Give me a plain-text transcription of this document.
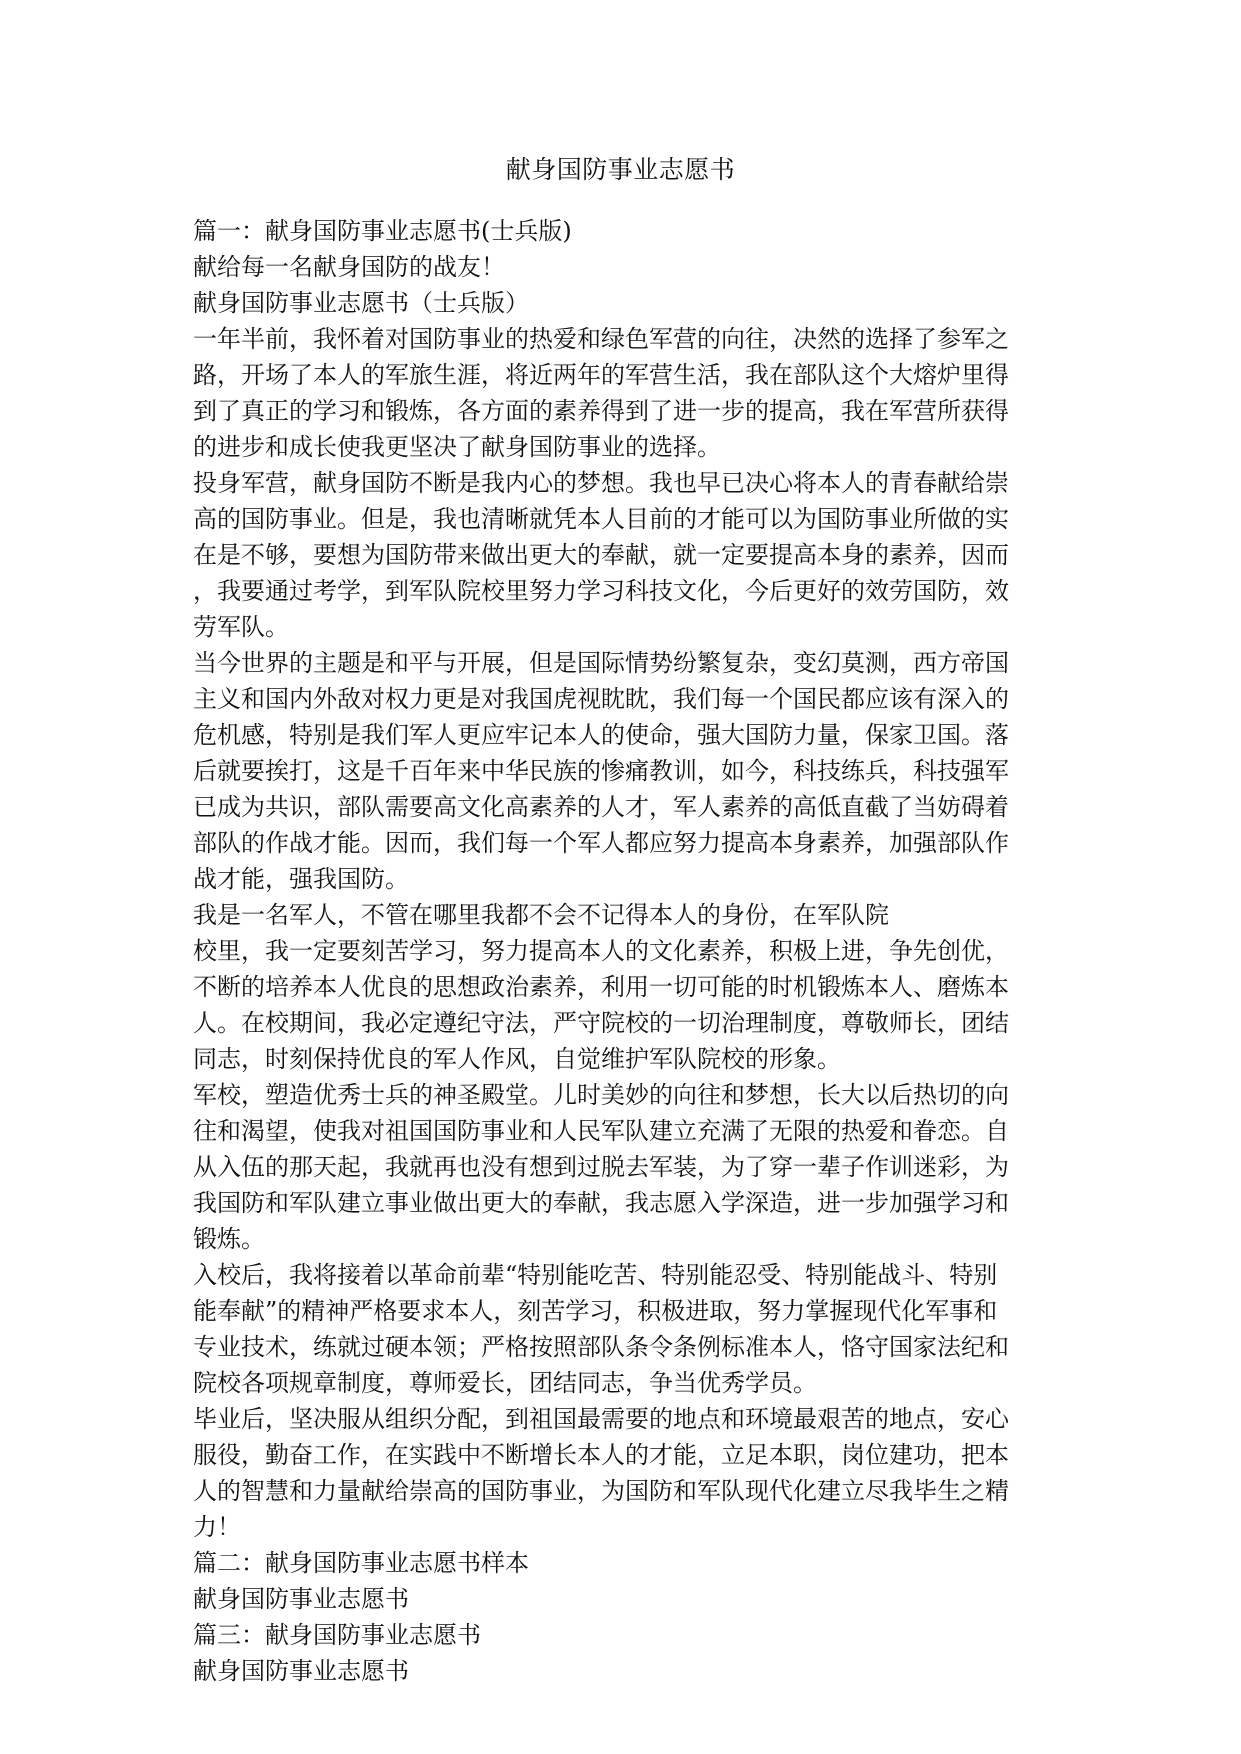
献身国防事业志愿书
篇一：献身国防事业志愿书(士兵版)
献给每一名献身国防的战友！
献身国防事业志愿书（士兵版）
一年半前，我怀着对国防事业的热爱和绿色军营的向往，决然的选择了参军之
路，开场了本人的军旅生涯，将近两年的军营生活，我在部队这个大熔炉里得
到了真正的学习和锻炼，各方面的素养得到了进一步的提高，我在军营所获得
的进步和成长使我更坚决了献身国防事业的选择。
投身军营，献身国防不断是我内心的梦想。我也早已决心将本人的青春献给崇
高的国防事业。但是，我也清晰就凭本人目前的才能可以为国防事业所做的实
在是不够，要想为国防带来做出更大的奉献，就一定要提高本身的素养，因而
，我要通过考学，到军队院校里努力学习科技文化，今后更好的效劳国防，效
劳军队。
当今世界的主题是和平与开展，但是国际情势纷繁复杂，变幻莫测，西方帝国
主义和国内外敌对权力更是对我国虎视眈眈，我们每一个国民都应该有深入的
危机感，特别是我们军人更应牢记本人的使命，强大国防力量，保家卫国。落
后就要挨打，这是千百年来中华民族的惨痛教训，如今，科技练兵，科技强军
已成为共识，部队需要高文化高素养的人才，军人素养的高低直截了当妨碍着
部队的作战才能。因而，我们每一个军人都应努力提高本身素养，加强部队作
战才能，强我国防。
我是一名军人，不管在哪里我都不会不记得本人的身份，在军队院
校里，我一定要刻苦学习，努力提高本人的文化素养，积极上进，争先创优，
不断的培养本人优良的思想政治素养，利用一切可能的时机锻炼本人、磨炼本
人。在校期间，我必定遵纪守法，严守院校的一切治理制度，尊敬师长，团结
同志，时刻保持优良的军人作风，自觉维护军队院校的形象。
军校，塑造优秀士兵的神圣殿堂。儿时美妙的向往和梦想，长大以后热切的向
往和渴望，使我对祖国国防事业和人民军队建立充满了无限的热爱和眷恋。自
从入伍的那天起，我就再也没有想到过脱去军装，为了穿一辈子作训迷彩，为
我国防和军队建立事业做出更大的奉献，我志愿入学深造，进一步加强学习和
锻炼。
入校后，我将接着以革命前辈“特别能吃苦、特别能忍受、特别能战斗、特别
能奉献”的精神严格要求本人，刻苦学习，积极进取，努力掌握现代化军事和
专业技术，练就过硬本领；严格按照部队条令条例标准本人，恪守国家法纪和
院校各项规章制度，尊师爱长，团结同志，争当优秀学员。
毕业后，坚决服从组织分配，到祖国最需要的地点和环境最艰苦的地点，安心
服役，勤奋工作，在实践中不断增长本人的才能，立足本职，岗位建功，把本
人的智慧和力量献给崇高的国防事业，为国防和军队现代化建立尽我毕生之精
力！
篇二：献身国防事业志愿书样本
献身国防事业志愿书
篇三：献身国防事业志愿书
献身国防事业志愿书
